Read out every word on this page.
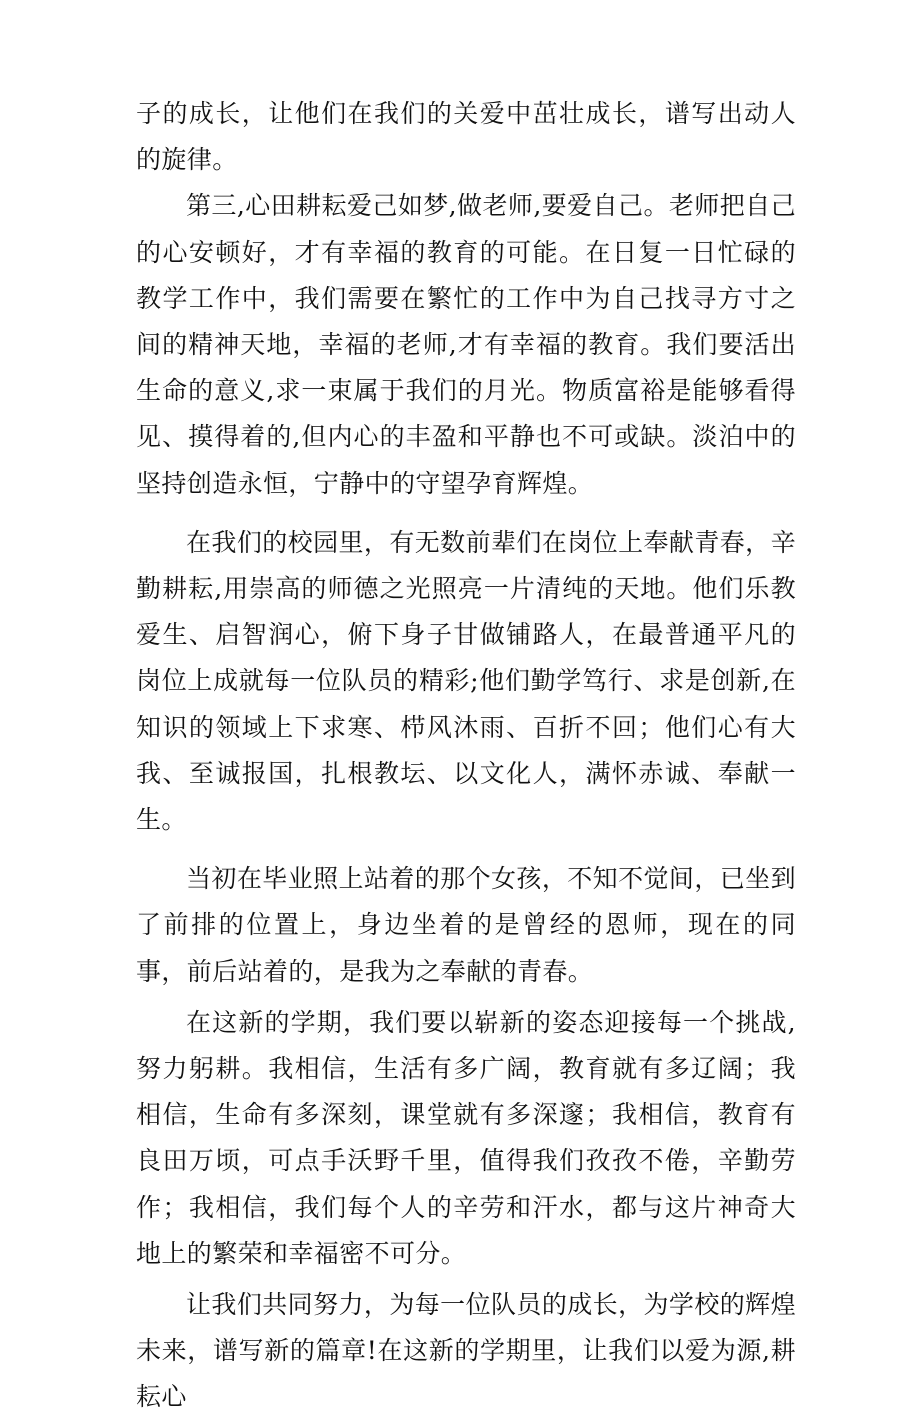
子的成长，让他们在我们的关爱中茁壮成长，谱写出动人的旋律。

第三,心田耕耘爱己如梦,做老师,要爱自己。老师把自己的心安顿好，才有幸福的教育的可能。在日复一日忙碌的教学工作中，我们需要在繁忙的工作中为自己找寻方寸之间的精神天地，幸福的老师,才有幸福的教育。我们要活出生命的意义,求一束属于我们的月光。物质富裕是能够看得见、摸得着的,但内心的丰盈和平静也不可或缺。淡泊中的坚持创造永恒，宁静中的守望孕育辉煌。

在我们的校园里，有无数前辈们在岗位上奉献青春，辛勤耕耘,用崇高的师德之光照亮一片清纯的天地。他们乐教爱生、启智润心，俯下身子甘做铺路人，在最普通平凡的岗位上成就每一位队员的精彩;他们勤学笃行、求是创新,在知识的领域上下求寒、栉风沐雨、百折不回；他们心有大我、至诚报国，扎根教坛、以文化人，满怀赤诚、奉献一生。

当初在毕业照上站着的那个女孩，不知不觉间，已坐到了前排的位置上，身边坐着的是曾经的恩师，现在的同事，前后站着的，是我为之奉献的青春。

在这新的学期，我们要以崭新的姿态迎接每一个挑战,努力躬耕。我相信，生活有多广阔，教育就有多辽阔；我相信，生命有多深刻，课堂就有多深邃；我相信，教育有良田万顷，可点手沃野千里，值得我们孜孜不倦，辛勤劳作；我相信，我们每个人的辛劳和汗水，都与这片神奇大地上的繁荣和幸福密不可分。

让我们共同努力，为每一位队员的成长，为学校的辉煌未来，谱写新的篇章!在这新的学期里，让我们以爱为源,耕耘心
